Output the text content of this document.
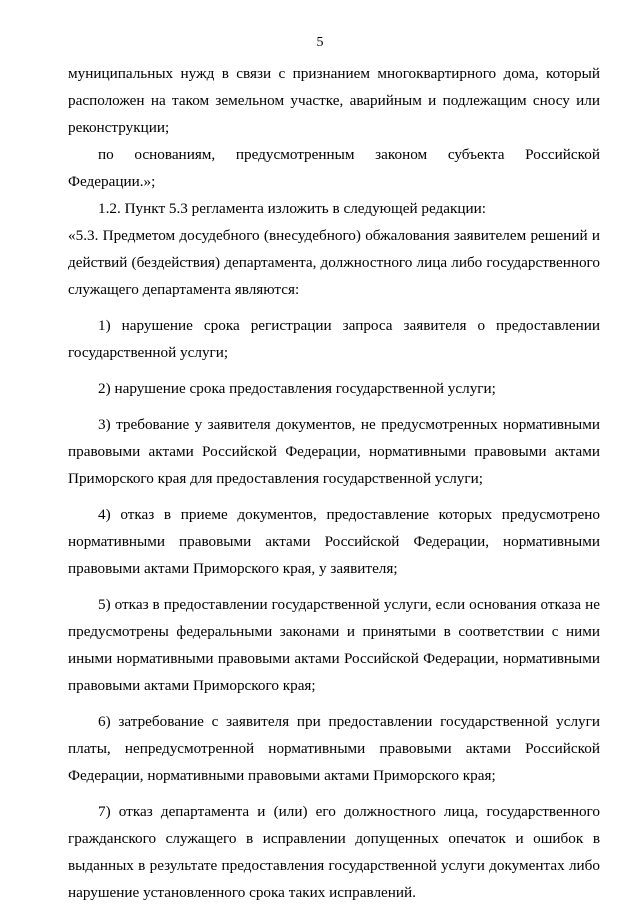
5
муниципальных нужд в связи с признанием многоквартирного дома, который
расположен на таком земельном участке, аварийным и подлежащим сносу или
реконструкции;
по основаниям, предусмотренным законом субъекта Российской
Федерации.»;
1.2. Пункт 5.3 регламента изложить в следующей редакции:
«5.3. Предметом досудебного (внесудебного) обжалования заявителем решений и
действий (бездействия) департамента, должностного лица либо государственного
служащего департамента являются:
1) нарушение срока регистрации запроса заявителя о предоставлении
государственной услуги;
2) нарушение срока предоставления государственной услуги;
3) требование у заявителя документов, не предусмотренных нормативными
правовыми актами Российской Федерации, нормативными правовыми актами
Приморского края для предоставления государственной услуги;
4) отказ в приеме документов, предоставление которых предусмотрено
нормативными правовыми актами Российской Федерации, нормативными
правовыми актами Приморского края, у заявителя;
5) отказ в предоставлении государственной услуги, если основания отказа не
предусмотрены федеральными законами и принятыми в соответствии с ними
иными нормативными правовыми актами Российской Федерации, нормативными
правовыми актами Приморского края;
6) затребование с заявителя при предоставлении государственной услуги
платы, непредусмотренной нормативными правовыми актами Российской
Федерации, нормативными правовыми актами Приморского края;
7) отказ департамента и (или) его должностного лица, государственного
гражданского служащего в исправлении допущенных опечаток и ошибок в
выданных в результате предоставления государственной услуги документах либо
нарушение установленного срока таких исправлений.
